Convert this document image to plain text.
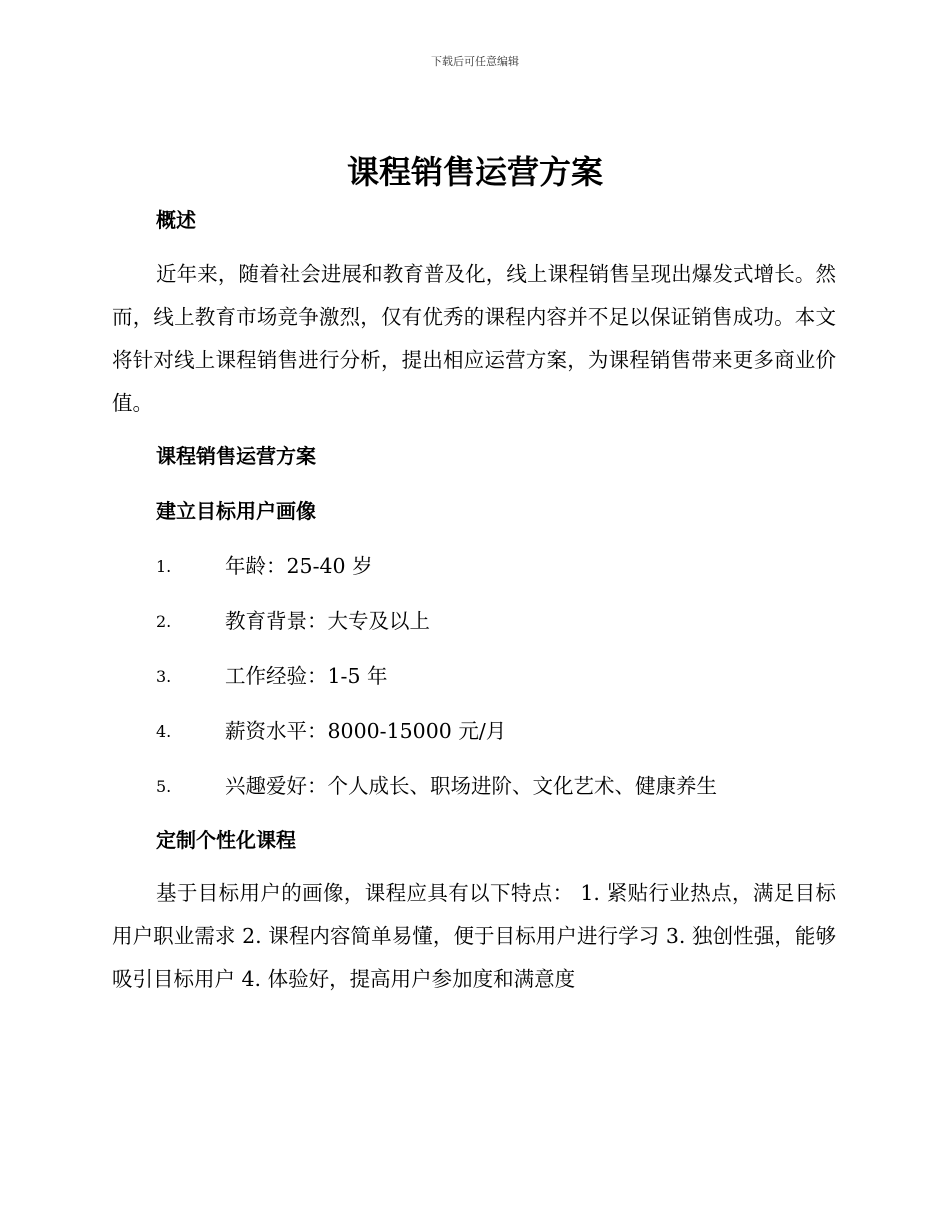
下载后可任意编辑
课程销售运营方案
概述

近年来，随着社会进展和教育普及化，线上课程销售呈现出爆发式增长。然而，线上教育市场竞争激烈，仅有优秀的课程内容并不足以保证销售成功。本文将针对线上课程销售进行分析，提出相应运营方案，为课程销售带来更多商业价值。

课程销售运营方案
建立目标用户画像
1.	年龄：25-40 岁
2.	教育背景：大专及以上
3.	工作经验：1-5 年
4.	薪资水平：8000-15000 元/月
5.	兴趣爱好：个人成长、职场进阶、文化艺术、健康养生
定制个性化课程

基于目标用户的画像，课程应具有以下特点： 1. 紧贴行业热点，满足目标用户职业需求 2. 课程内容简单易懂，便于目标用户进行学习 3. 独创性强，能够吸引目标用户 4. 体验好，提高用户参加度和满意度
